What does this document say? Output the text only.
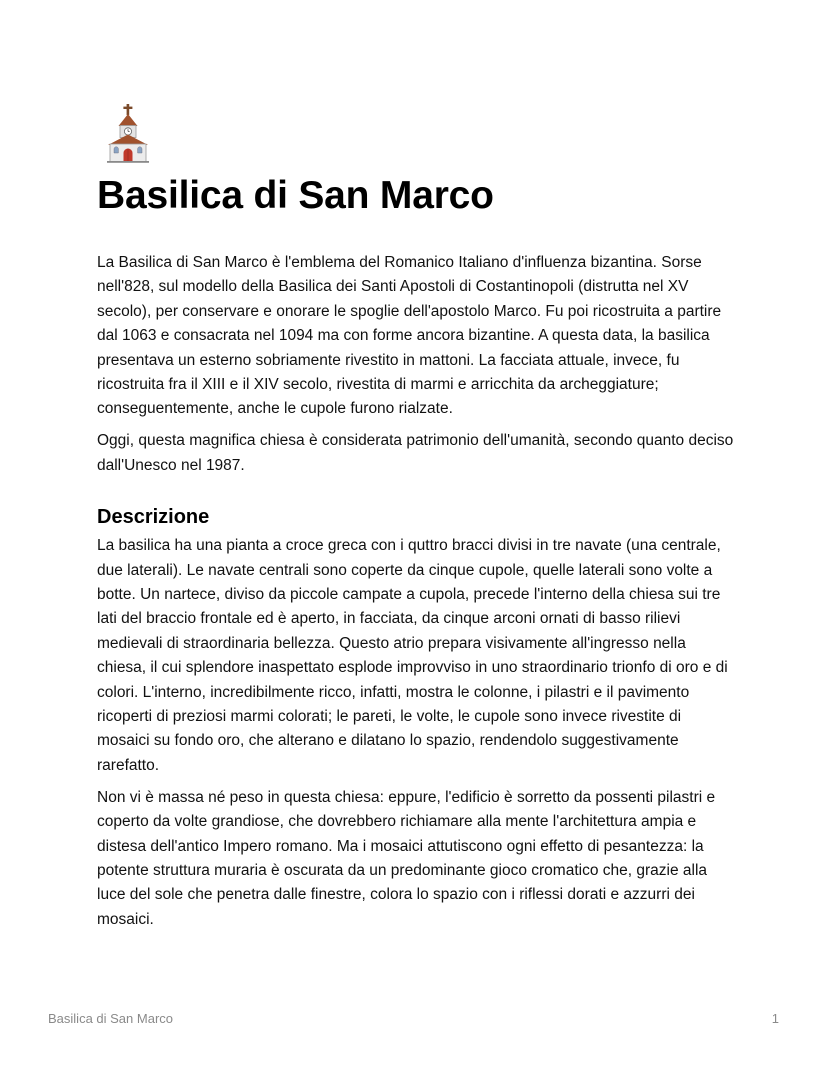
Basilica di San Marco

La Basilica di San Marco è l'emblema del Romanico Italiano d'influenza bizantina. Sorse nell'828, sul modello della Basilica dei Santi Apostoli di Costantinopoli (distrutta nel XV secolo), per conservare e onorare le spoglie dell'apostolo Marco. Fu poi ricostruita a partire dal 1063 e consacrata nel 1094 ma con forme ancora bizantine. A questa data, la basilica presentava un esterno sobriamente rivestito in mattoni. La facciata attuale, invece, fu ricostruita fra il XIII e il XIV secolo, rivestita di marmi e arricchita da archeggiature; conseguentemente, anche le cupole furono rialzate.

Oggi, questa magnifica chiesa è considerata patrimonio dell'umanità, secondo quanto deciso dall'Unesco nel 1987.

Descrizione

La basilica ha una pianta a croce greca con i quttro bracci divisi in tre navate (una centrale, due laterali). Le navate centrali sono coperte da cinque cupole, quelle laterali sono volte a botte. Un nartece, diviso da piccole campate a cupola, precede l'interno della chiesa sui tre lati del braccio frontale ed è aperto, in facciata, da cinque arconi ornati di basso rilievi medievali di straordinaria bellezza. Questo atrio prepara visivamente all'ingresso nella chiesa, il cui splendore inaspettato esplode improvviso in uno straordinario trionfo di oro e di colori. L'interno, incredibilmente ricco, infatti, mostra le colonne, i pilastri e il pavimento ricoperti di preziosi marmi colorati; le pareti, le volte, le cupole sono invece rivestite di mosaici su fondo oro, che alterano e dilatano lo spazio, rendendolo suggestivamente rarefatto.

Non vi è massa né peso in questa chiesa: eppure, l'edificio è sorretto da possenti pilastri e coperto da volte grandiose, che dovrebbero richiamare alla mente l'architettura ampia e distesa dell'antico Impero romano. Ma i mosaici attutiscono ogni effetto di pesantezza: la potente struttura muraria è oscurata da un predominante gioco cromatico che, grazie alla luce del sole che penetra dalle finestre, colora lo spazio con i riflessi dorati e azzurri dei mosaici.

Basilica di San Marco	1
